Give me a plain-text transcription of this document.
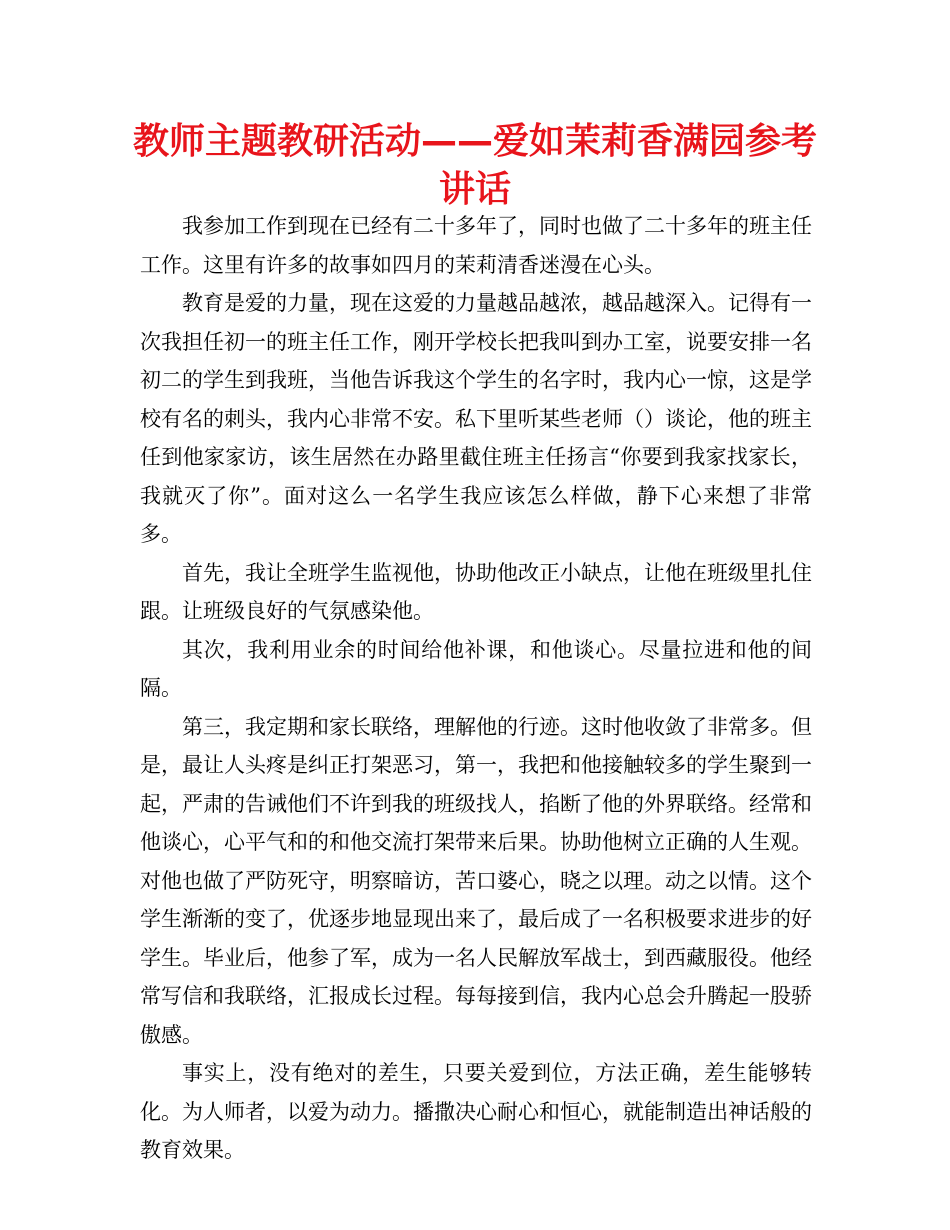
教师主题教研活动——爱如茉莉香满园参考讲话

我参加工作到现在已经有二十多年了，同时也做了二十多年的班主任工作。这里有许多的故事如四月的茉莉清香迷漫在心头。

教育是爱的力量，现在这爱的力量越品越浓，越品越深入。记得有一次我担任初一的班主任工作，刚开学校长把我叫到办工室，说要安排一名初二的学生到我班，当他告诉我这个学生的名字时，我内心一惊，这是学校有名的刺头，我内心非常不安。私下里听某些老师（）谈论，他的班主任到他家家访，该生居然在办路里截住班主任扬言“你要到我家找家长，我就灭了你”。面对这么一名学生我应该怎么样做，静下心来想了非常多。

首先，我让全班学生监视他，协助他改正小缺点，让他在班级里扎住跟。让班级良好的气氛感染他。

其次，我利用业余的时间给他补课，和他谈心。尽量拉进和他的间隔。

第三，我定期和家长联络，理解他的行迹。这时他收敛了非常多。但是，最让人头疼是纠正打架恶习，第一，我把和他接触较多的学生聚到一起，严肃的告诫他们不许到我的班级找人，掐断了他的外界联络。经常和他谈心，心平气和的和他交流打架带来后果。协助他树立正确的人生观。对他也做了严防死守，明察暗访，苦口婆心，晓之以理。动之以情。这个学生渐渐的变了，优逐步地显现出来了，最后成了一名积极要求进步的好学生。毕业后，他参了军，成为一名人民解放军战士，到西藏服役。他经常写信和我联络，汇报成长过程。每每接到信，我内心总会升腾起一股骄傲感。

事实上，没有绝对的差生，只要关爱到位，方法正确，差生能够转化。为人师者，以爱为动力。播撒决心耐心和恒心，就能制造出神话般的教育效果。
